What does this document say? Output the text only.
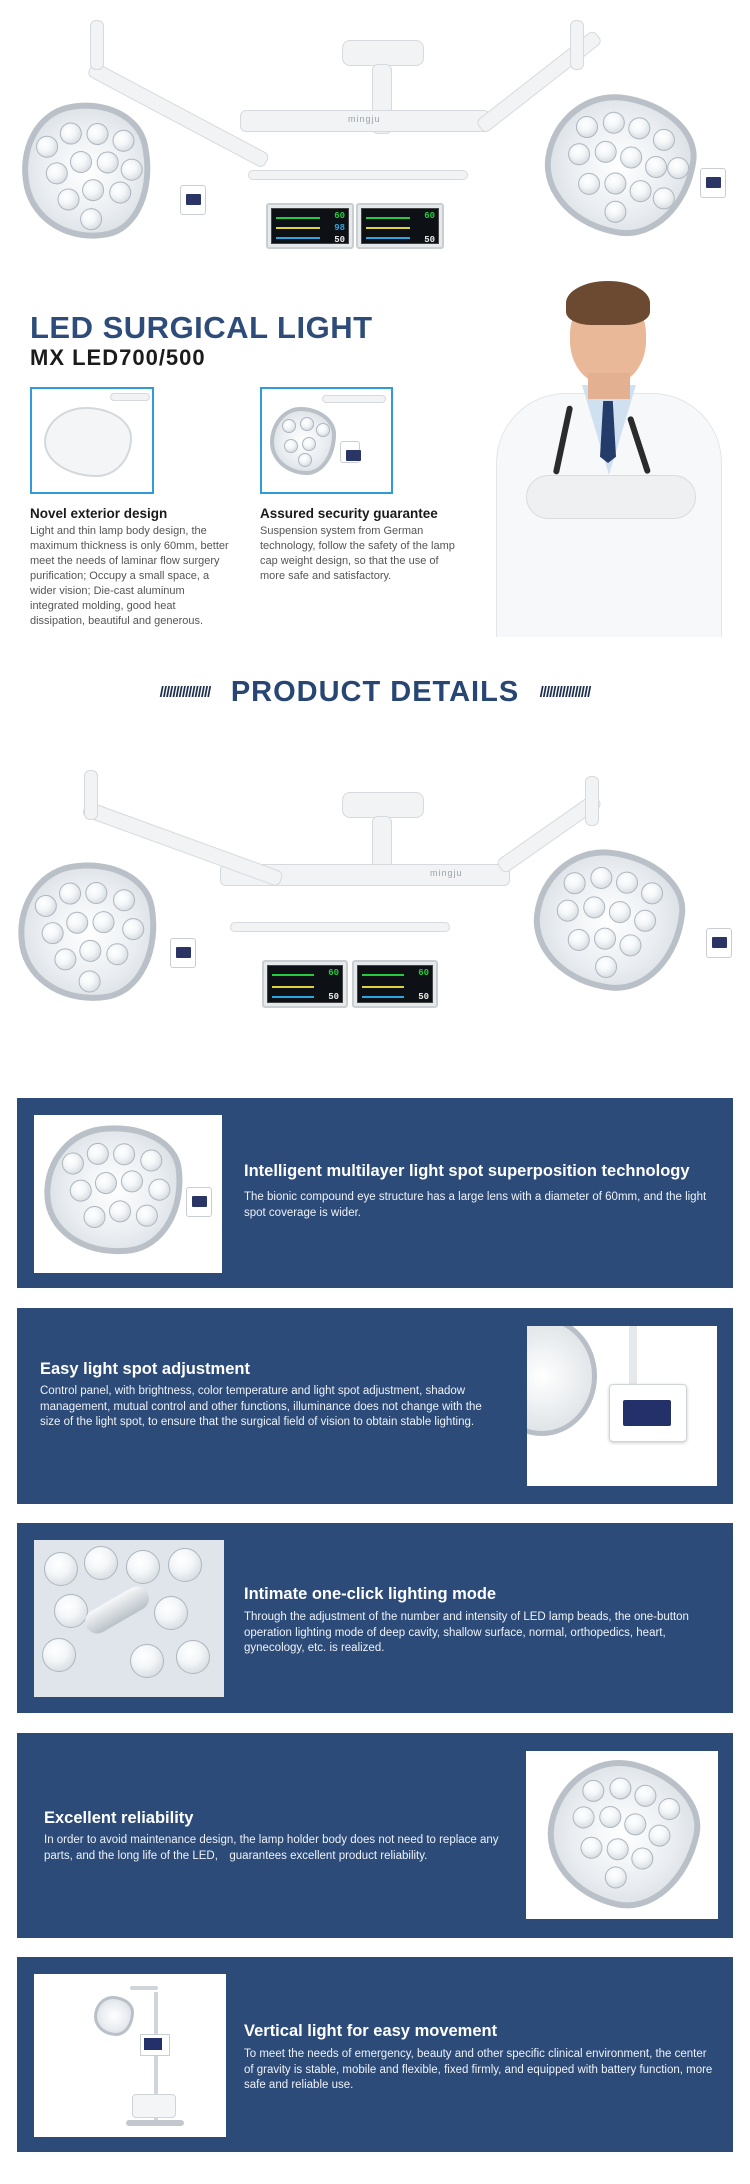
mingju
60
98
50
60
50
LED SURGICAL LIGHT
MX LED700/500
Novel exterior design
Light and thin lamp body design, the maximum thickness is only 60mm, better meet the needs of laminar flow surgery purification; Occupy a small space, a wider vision; Die-cast aluminum integrated molding, good heat dissipation, beautiful and generous.
Assured security guarantee
Suspension system from German technology, follow the safety of the lamp cap weight design, so that the use of more safe and satisfactory.
//////////////// PRODUCT DETAILS ////////////////
mingju
60
50
60
50
Intelligent multilayer light spot superposition technology
The bionic compound eye structure has a large lens with a diameter of 60mm, and the light spot coverage is wider.
Easy light spot adjustment
Control panel, with brightness, color temperature and light spot adjustment, shadow management, mutual control and other functions, illuminance does not change with the size of the light spot, to ensure that the surgical field of vision to obtain stable lighting.
Intimate one-click lighting mode
Through the adjustment of the number and intensity of LED lamp beads, the one-button operation lighting mode of deep cavity, shallow surface, normal, orthopedics, heart, gynecology, etc. is realized.
Excellent reliability
In order to avoid maintenance design, the lamp holder body does not need to replace any parts, and the long life of the LED,　guarantees excellent product reliability.
Vertical light for easy movement
To meet the needs of emergency, beauty and other specific clinical environment, the center of gravity is stable, mobile and flexible, fixed firmly, and equipped with battery function, more safe and reliable use.
